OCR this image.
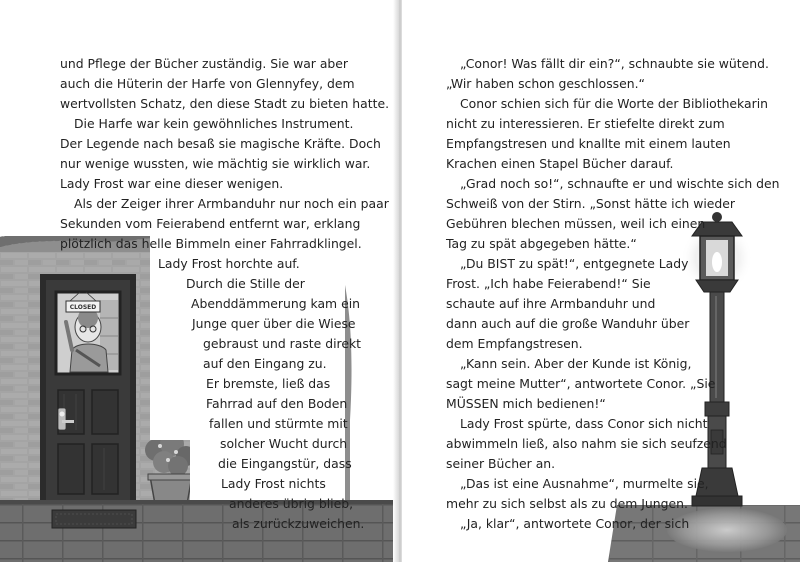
CLOSED
und Pflege der Bücher zuständig. Sie war aber
auch die Hüterin der Harfe von Glennyfey, dem
wertvollsten Schatz, den diese Stadt zu bieten hatte.
Die Harfe war kein gewöhnliches Instrument.
Der Legende nach besaß sie magische Kräfte. Doch
nur wenige wussten, wie mächtig sie wirklich war.
Lady Frost war eine dieser wenigen.
Als der Zeiger ihrer Armbanduhr nur noch ein paar
Sekunden vom Feierabend entfernt war, erklang
plötzlich das helle Bimmeln einer Fahrradklingel.
Lady Frost horchte auf.
Durch die Stille der
Abenddämmerung kam ein
Junge quer über die Wiese
gebraust und raste direkt
auf den Eingang zu.
Er bremste, ließ das
Fahrrad auf den Boden
fallen und stürmte mit
solcher Wucht durch
die Eingangstür, dass
Lady Frost nichts
anderes übrig blieb,
als zurückzuweichen.
„Conor! Was fällt dir ein?“, schnaubte sie wütend.
„Wir haben schon geschlossen.“
Conor schien sich für die Worte der Bibliothekarin
nicht zu interessieren. Er stiefelte direkt zum
Empfangstresen und knallte mit einem lauten
Krachen einen Stapel Bücher darauf.
„Grad noch so!“, schnaufte er und wischte sich den
Schweiß von der Stirn. „Sonst hätte ich wieder
Gebühren blechen müssen, weil ich einen
Tag zu spät abgegeben hätte.“
„Du BIST zu spät!“, entgegnete Lady
Frost. „Ich habe Feierabend!“ Sie
schaute auf ihre Armbanduhr und
dann auch auf die große Wanduhr über
dem Empfangstresen.
„Kann sein. Aber der Kunde ist König,
sagt meine Mutter“, antwortete Conor. „Sie
MÜSSEN mich bedienen!“
Lady Frost spürte, dass Conor sich nicht
abwimmeln ließ, also nahm sie sich seufzend
seiner Bücher an.
„Das ist eine Ausnahme“, murmelte sie,
mehr zu sich selbst als zu dem Jungen.
„Ja, klar“, antwortete Conor, der sich
